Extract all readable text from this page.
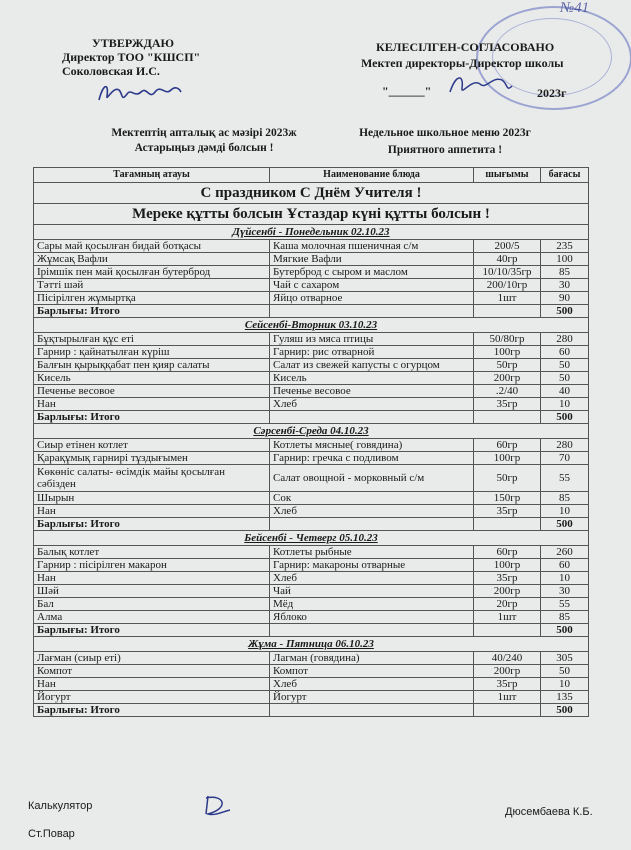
УТВЕРЖДАЮ
Директор ТОО "КШСП"
Соколовская И.С.
№41
КЕЛЕСІЛГЕН-СОГЛАСОВАНО
Мектеп директоры-Директор школы
"______"	2023г
Мектептің апталық ас мәзірі 2023ж
Астарыңыз дәмді болсын !
Недельное школьное меню 2023г
Приятного аппетита !
Тағамның атауы	Наименование блюда	шығымы	бағасы
С праздником С Днём Учителя !			
Мереке құтты болсын Ұстаздар күні құтты болсын !			
Дүйсенбі - Понедельник 02.10.23			
Сары май қосылған бидай ботқасы	Каша молочная пшеничная с/м	200/5	235
Жұмсақ Вафли	Мягкие Вафли	40гр	100
Ірімшік пен май қосылған бутерброд	Бутерброд с сыром и маслом	10/10/35гр	85
Тәтті шәй	Чай с сахаром	200/10гр	30
Пісірілген жұмыртқа	Яйцо отварное	1шт	90
Барлығы: Итого			500
Сейсенбі-Вторник 03.10.23			
Бұқтырылған құс еті	Гуляш из мяса птицы	50/80гр	280
Гарнир : қайнатылған күріш	Гарнир: рис отварной	100гр	60
Балғын қырыққабат пен қияр салаты	Салат из свежей капусты с огурцом	50гр	50
Кисель	Кисель	200гр	50
Печенье весовое	Печенье весовое	.2/40	40
Нан	Хлеб	35гр	10
Барлығы: Итого			500
Сәрсенбі-Среда 04.10.23			
Сиыр етінен котлет	Котлеты мясные( говядина)	60гр	280
Қарақұмық гарнирі тұздығымен	Гарнир: гречка с подливом	100гр	70
Көкөніс салаты- өсімдік майы қосылған сәбізден	Салат овощной - морковный с/м	50гр	55
Шырын	Сок	150гр	85
Нан	Хлеб	35гр	10
Барлығы: Итого			500
Бейсенбі - Четверг 05.10.23			
Балық котлет	Котлеты рыбные	60гр	260
Гарнир : пісірілген макарон	Гарнир: макароны отварные	100гр	60
Нан	Хлеб	35гр	10
Шәй	Чай	200гр	30
Бал	Мёд	20гр	55
Алма	Яблоко	1шт	85
Барлығы: Итого			500
Жұма - Пятница 06.10.23			
Лағман (сиыр еті)	Лагман (говядина)	40/240	305
Компот	Компот	200гр	50
Нан	Хлеб	35гр	10
Йогурт	Йогурт	1шт	135
Барлығы: Итого			500
Калькулятор	Дюсембаева К.Б.
Ст.Повар
